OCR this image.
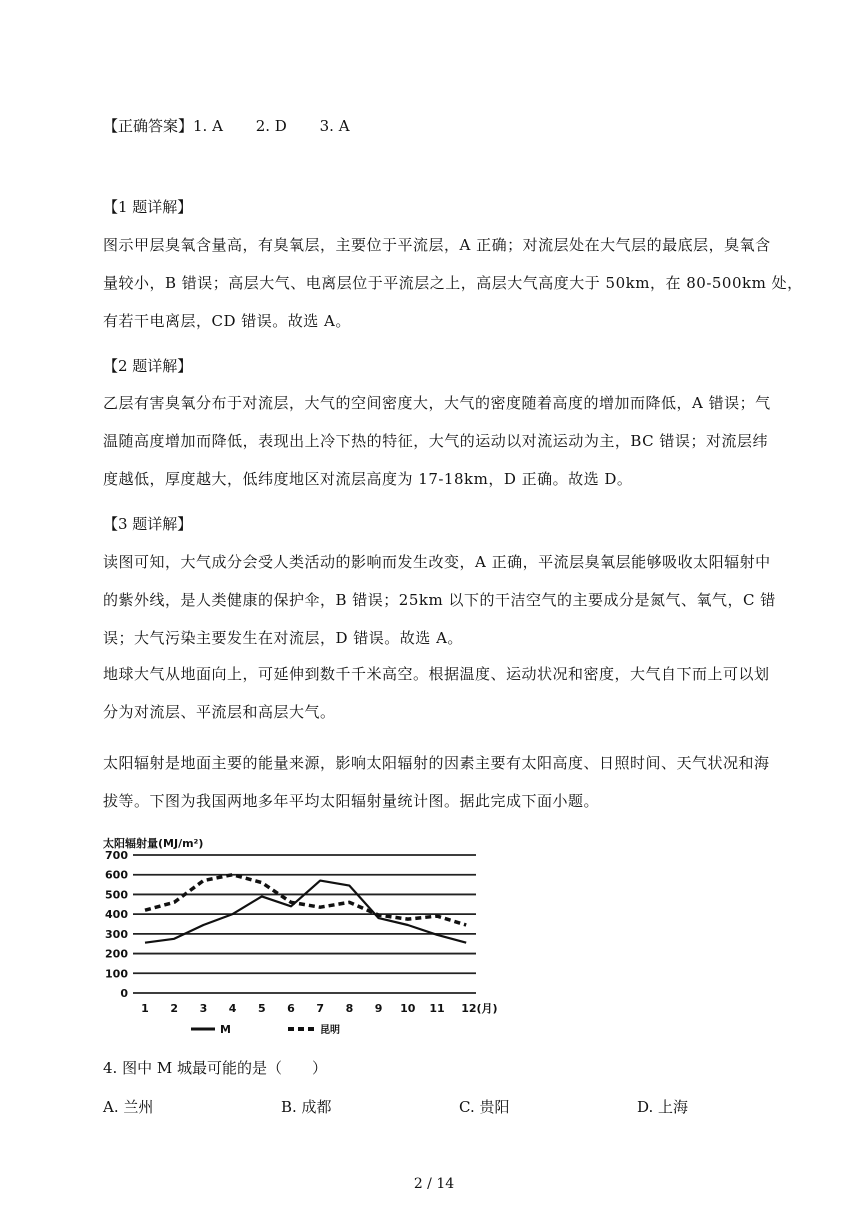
【正确答案】1. A 2. D 3. A
【1 题详解】
图示甲层臭氧含量高，有臭氧层，主要位于平流层，A 正确；对流层处在大气层的最底层，臭氧含
量较小，B 错误；高层大气、电离层位于平流层之上，高层大气高度大于 50km，在 80-500km 处，
有若干电离层，CD 错误。故选 A。
【2 题详解】
乙层有害臭氧分布于对流层，大气的空间密度大，大气的密度随着高度的增加而降低，A 错误；气
温随高度增加而降低，表现出上冷下热的特征，大气的运动以对流运动为主，BC 错误；对流层纬
度越低，厚度越大，低纬度地区对流层高度为 17-18km，D 正确。故选 D。
【3 题详解】
读图可知，大气成分会受人类活动的影响而发生改变，A 正确，平流层臭氧层能够吸收太阳辐射中
的紫外线，是人类健康的保护伞，B 错误；25km 以下的干洁空气的主要成分是氮气、氧气，C 错
误；大气污染主要发生在对流层，D 错误。故选 A。
地球大气从地面向上，可延伸到数千千米高空。根据温度、运动状况和密度，大气自下而上可以划
分为对流层、平流层和高层大气。
太阳辐射是地面主要的能量来源，影响太阳辐射的因素主要有太阳高度、日照时间、天气状况和海
拔等。下图为我国两地多年平均太阳辐射量统计图。据此完成下面小题。
太阳辐射量(MJ/m²)
0
100
200
300
400
500
600
700
1 2 3 4 5 6 7 8 9 10 11 12(月)
M	昆明
4. 图中 M 城最可能的是（　　）
A. 兰州	B. 成都	C. 贵阳	D. 上海
2 / 14
